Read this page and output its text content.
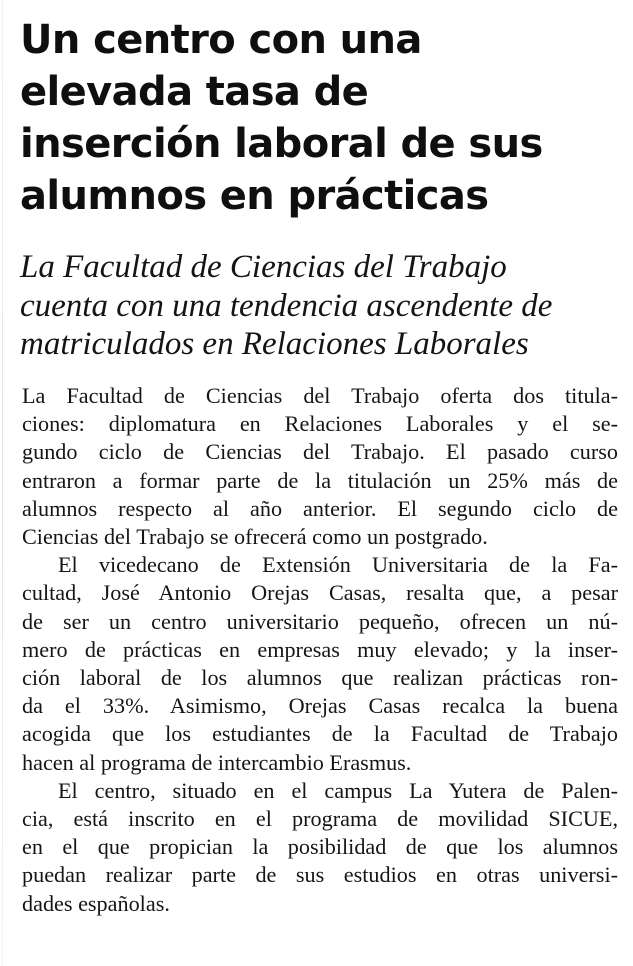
Un centro con una
elevada tasa de
inserción laboral de sus
alumnos en prácticas
La Facultad de Ciencias del Trabajo
cuenta con una tendencia ascendente de
matriculados en Relaciones Laborales

La Facultad de Ciencias del Trabajo oferta dos titula-
ciones: diplomatura en Relaciones Laborales y el se-
gundo ciclo de Ciencias del Trabajo. El pasado curso
entraron a formar parte de la titulación un 25% más de
alumnos respecto al año anterior. El segundo ciclo de
Ciencias del Trabajo se ofrecerá como un postgrado.

El vicedecano de Extensión Universitaria de la Fa-
cultad, José Antonio Orejas Casas, resalta que, a pesar
de ser un centro universitario pequeño, ofrecen un nú-
mero de prácticas en empresas muy elevado; y la inser-
ción laboral de los alumnos que realizan prácticas ron-
da el 33%. Asimismo, Orejas Casas recalca la buena
acogida que los estudiantes de la Facultad de Trabajo
hacen al programa de intercambio Erasmus.

El centro, situado en el campus La Yutera de Palen-
cia, está inscrito en el programa de movilidad SICUE,
en el que propician la posibilidad de que los alumnos
puedan realizar parte de sus estudios en otras universi-
dades españolas.
